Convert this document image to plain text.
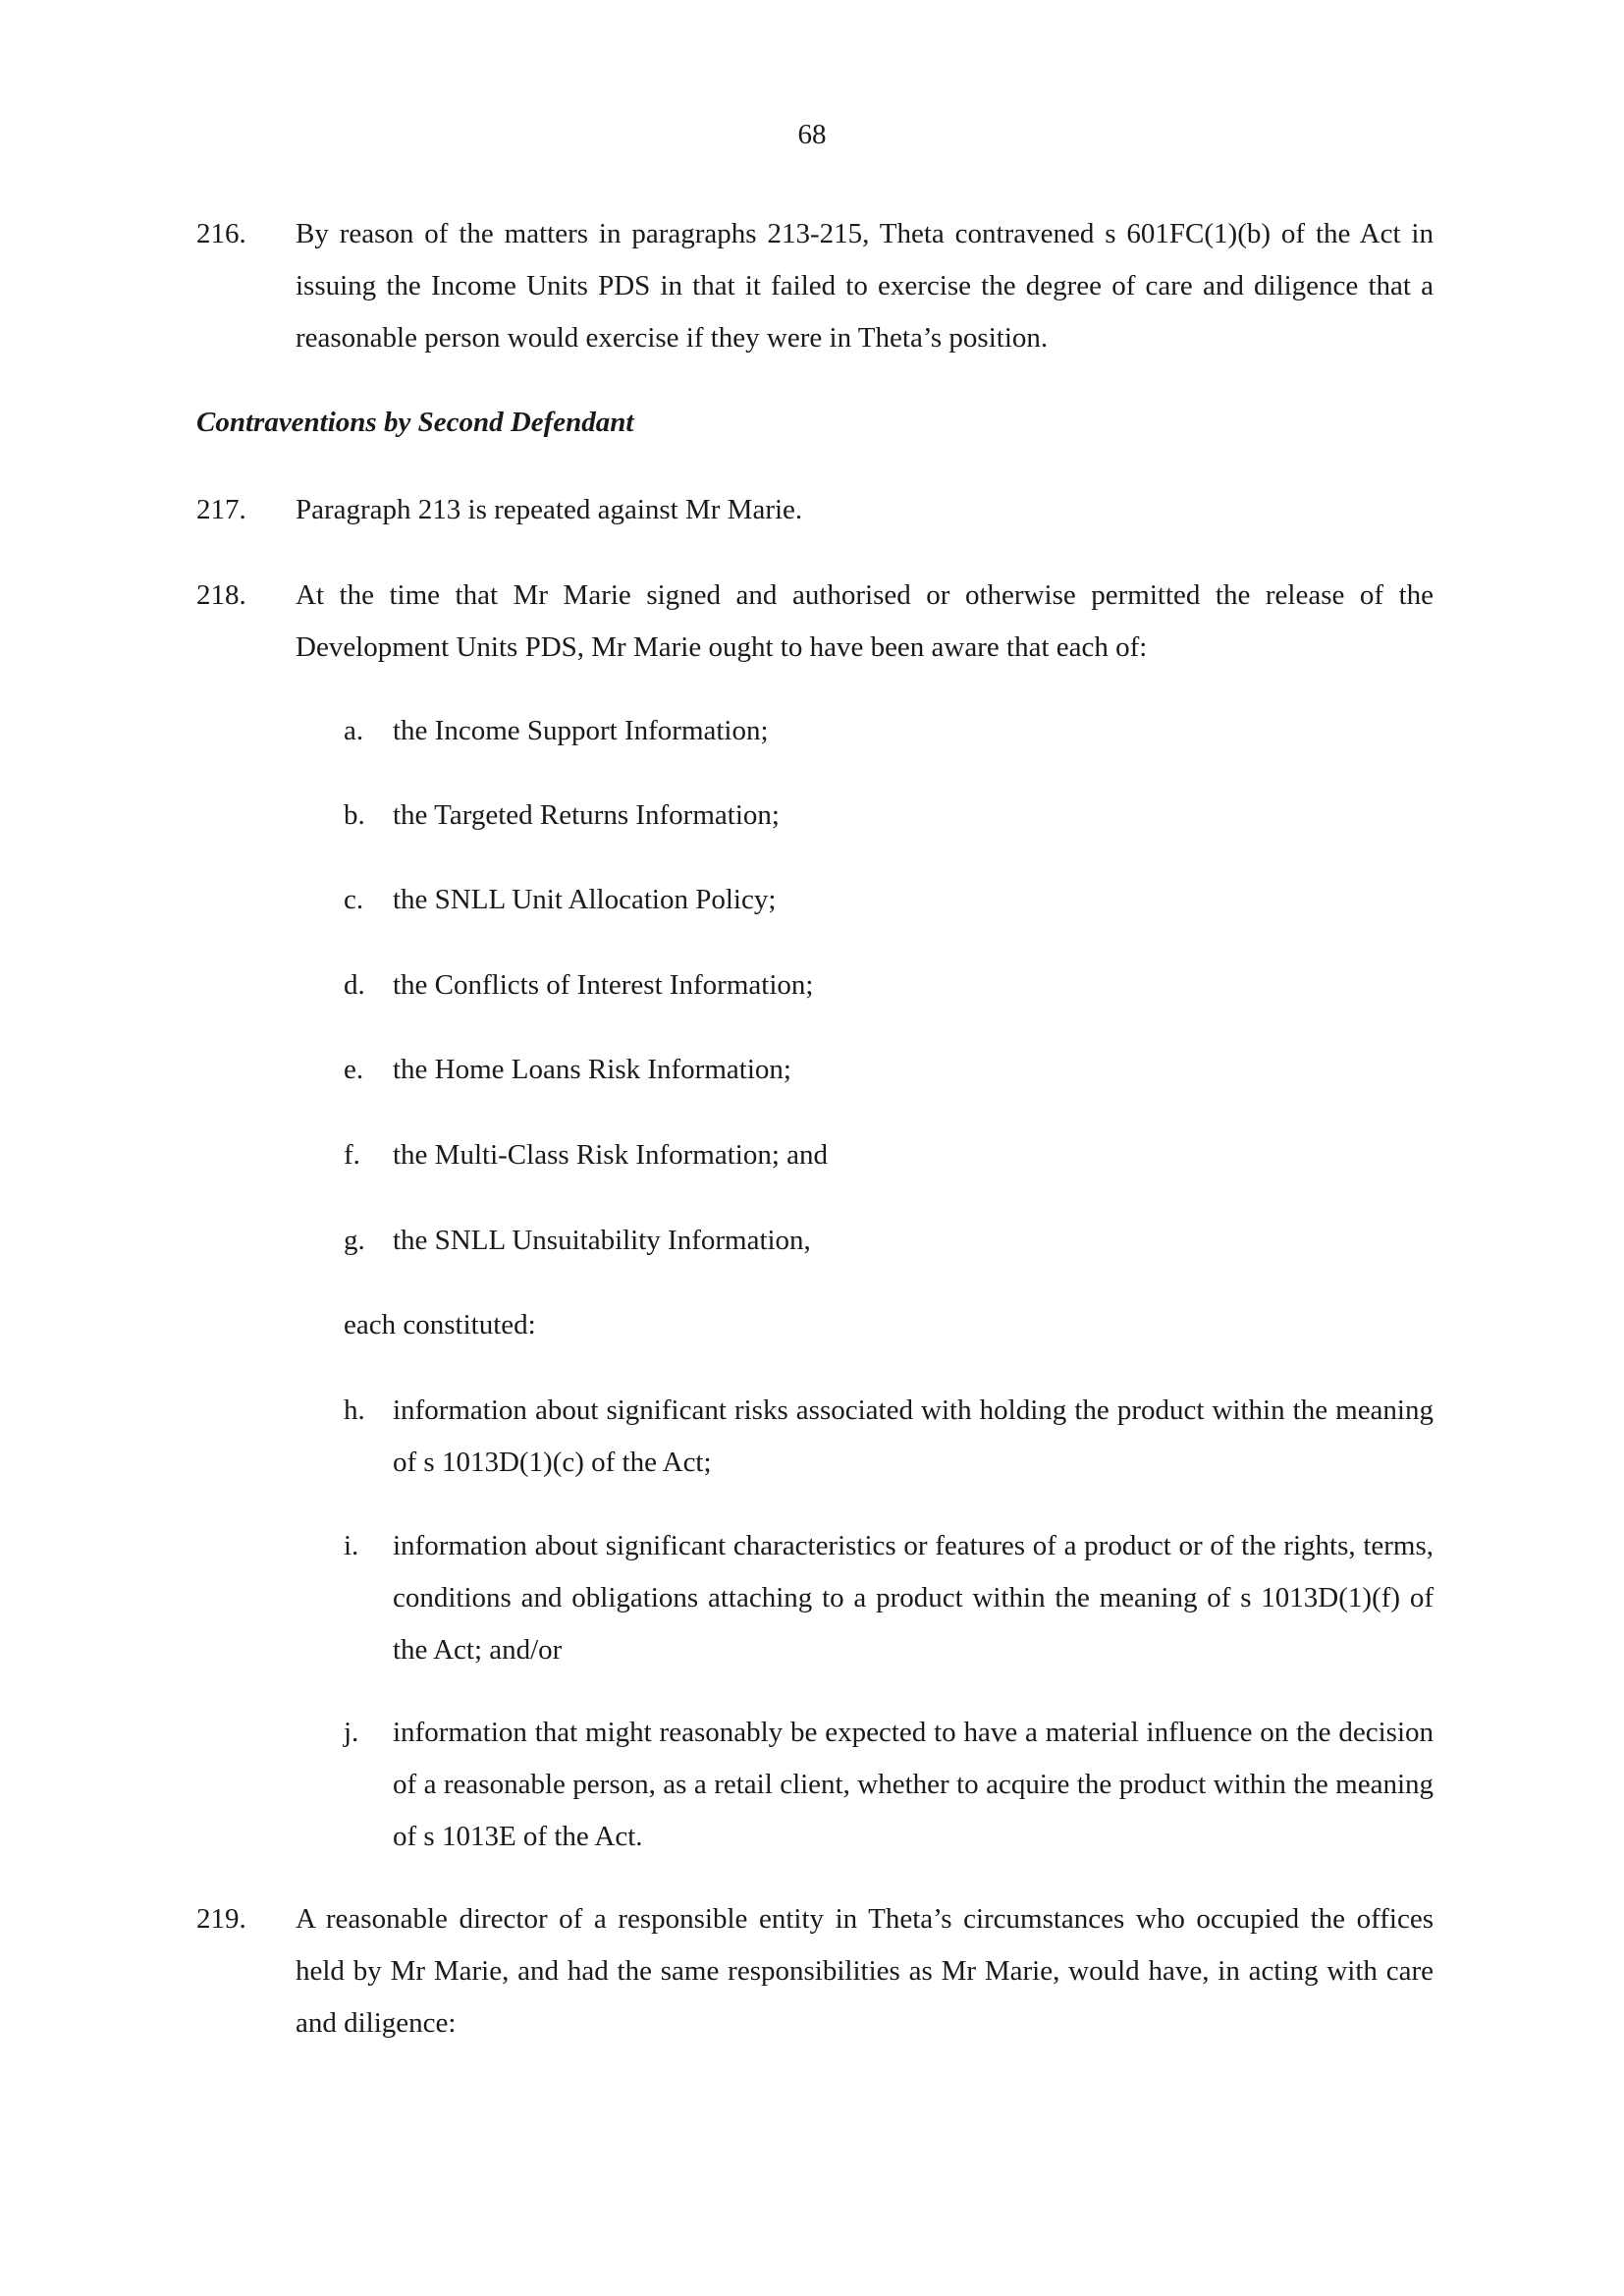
68
216. By reason of the matters in paragraphs 213-215, Theta contravened s 601FC(1)(b) of the Act in issuing the Income Units PDS in that it failed to exercise the degree of care and diligence that a reasonable person would exercise if they were in Theta’s position.
Contraventions by Second Defendant
217. Paragraph 213 is repeated against Mr Marie.
218. At the time that Mr Marie signed and authorised or otherwise permitted the release of the Development Units PDS, Mr Marie ought to have been aware that each of:
a. the Income Support Information;
b. the Targeted Returns Information;
c. the SNLL Unit Allocation Policy;
d. the Conflicts of Interest Information;
e. the Home Loans Risk Information;
f. the Multi-Class Risk Information; and
g. the SNLL Unsuitability Information,
each constituted:
h. information about significant risks associated with holding the product within the meaning of s 1013D(1)(c) of the Act;
i. information about significant characteristics or features of a product or of the rights, terms, conditions and obligations attaching to a product within the meaning of s 1013D(1)(f) of the Act; and/or
j. information that might reasonably be expected to have a material influence on the decision of a reasonable person, as a retail client, whether to acquire the product within the meaning of s 1013E of the Act.
219. A reasonable director of a responsible entity in Theta’s circumstances who occupied the offices held by Mr Marie, and had the same responsibilities as Mr Marie, would have, in acting with care and diligence:
